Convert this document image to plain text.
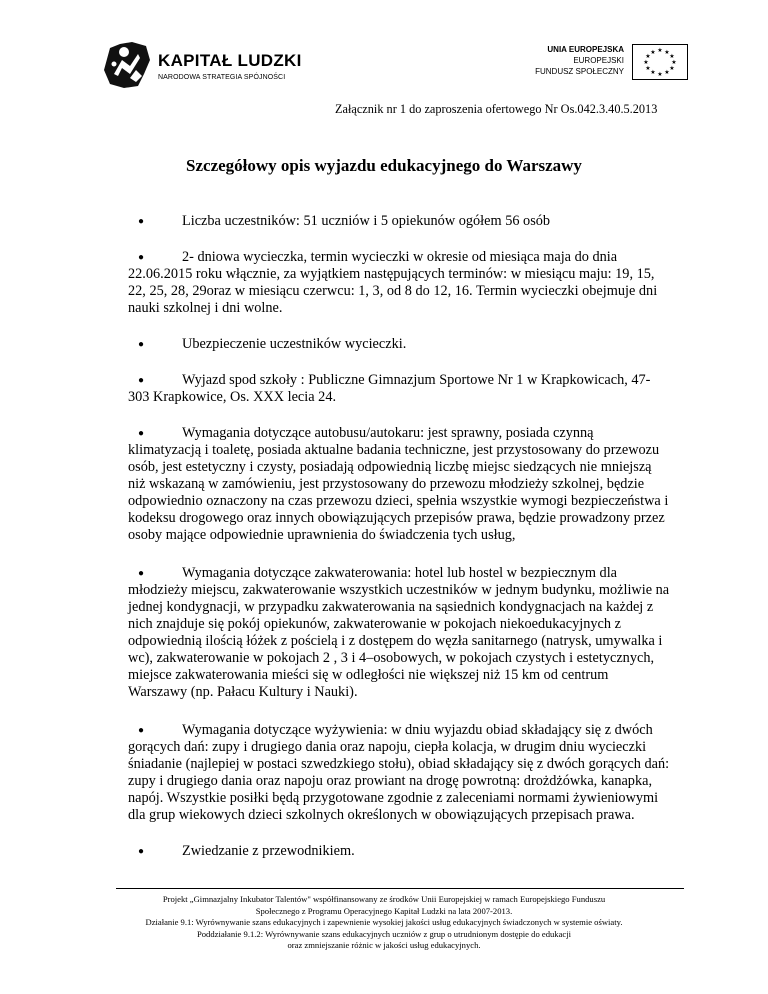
KAPITAŁ LUDZKI
NARODOWA STRATEGIA SPÓJNOŚCI
UNIA EUROPEJSKA
EUROPEJSKI
FUNDUSZ SPOŁECZNY
★ ★
★
★
★
★
★
★
★
★
★
★
Załącznik nr 1 do zaproszenia ofertowego Nr Os.042.3.40.5.2013
Szczegółowy opis wyjazdu edukacyjnego do Warszawy
●	Liczba uczestników: 51 uczniów i 5 opiekunów ogółem 56 osób
●	2- dniowa wycieczka, termin wycieczki w okresie od miesiąca maja do dnia 22.06.2015 roku włącznie, za wyjątkiem następujących terminów: w miesiącu maju: 19, 15, 22, 25, 28, 29oraz w miesiącu czerwcu: 1, 3, od 8 do 12, 16. Termin wycieczki obejmuje dni nauki szkolnej i dni wolne.
●	Ubezpieczenie uczestników wycieczki.
●	Wyjazd spod szkoły : Publiczne Gimnazjum Sportowe Nr 1 w Krapkowicach, 47-303 Krapkowice, Os. XXX lecia 24.
●	Wymagania dotyczące autobusu/autokaru: jest sprawny, posiada czynną klimatyzacją i toaletę, posiada aktualne badania techniczne, jest przystosowany do przewozu osób, jest estetyczny i czysty, posiadają odpowiednią liczbę miejsc siedzących nie mniejszą niż wskazaną w zamówieniu, jest przystosowany do przewozu młodzieży szkolnej, będzie odpowiednio oznaczony na czas przewozu dzieci, spełnia wszystkie wymogi bezpieczeństwa i kodeksu drogowego oraz innych obowiązujących przepisów prawa, będzie prowadzony przez osoby mające odpowiednie uprawnienia do świadczenia tych usług,
●	Wymagania dotyczące zakwaterowania: hotel lub hostel w bezpiecznym dla młodzieży miejscu, zakwaterowanie wszystkich uczestników w jednym budynku, możliwie na jednej kondygnacji, w przypadku zakwaterowania na sąsiednich kondygnacjach na każdej z nich znajduje się pokój opiekunów, zakwaterowanie w pokojach niekoedukacyjnych z odpowiednią ilością łóżek z pościelą i z dostępem do węzła sanitarnego (natrysk, umywalka i wc), zakwaterowanie w pokojach 2 , 3 i 4–osobowych, w pokojach czystych i estetycznych, miejsce zakwaterowania mieści się w odległości nie większej niż 15 km od centrum Warszawy (np. Pałacu Kultury i Nauki).
●	Wymagania dotyczące wyżywienia: w dniu wyjazdu obiad składający się z dwóch gorących dań: zupy i drugiego dania oraz napoju, ciepła kolacja, w drugim dniu wycieczki śniadanie (najlepiej w postaci szwedzkiego stołu), obiad składający się z dwóch gorących dań: zupy i drugiego dania oraz napoju oraz prowiant na drogę powrotną: drożdżówka, kanapka, napój. Wszystkie posiłki będą przygotowane zgodnie z zaleceniami normami żywieniowymi dla grup wiekowych dzieci szkolnych określonych w obowiązujących przepisach prawa.
●	Zwiedzanie z przewodnikiem.

Projekt „Gimnazjalny Inkubator Talentów" współfinansowany ze środków Unii Europejskiej w ramach Europejskiego Funduszu

Społecznego z Programu Operacyjnego Kapitał Ludzki na lata 2007-2013.

Działanie 9.1: Wyrównywanie szans edukacyjnych i zapewnienie wysokiej jakości usług edukacyjnych świadczonych w systemie oświaty.

Poddziałanie 9.1.2: Wyrównywanie szans edukacyjnych uczniów z grup o utrudnionym dostępie do edukacji

oraz zmniejszanie różnic w jakości usług edukacyjnych.
